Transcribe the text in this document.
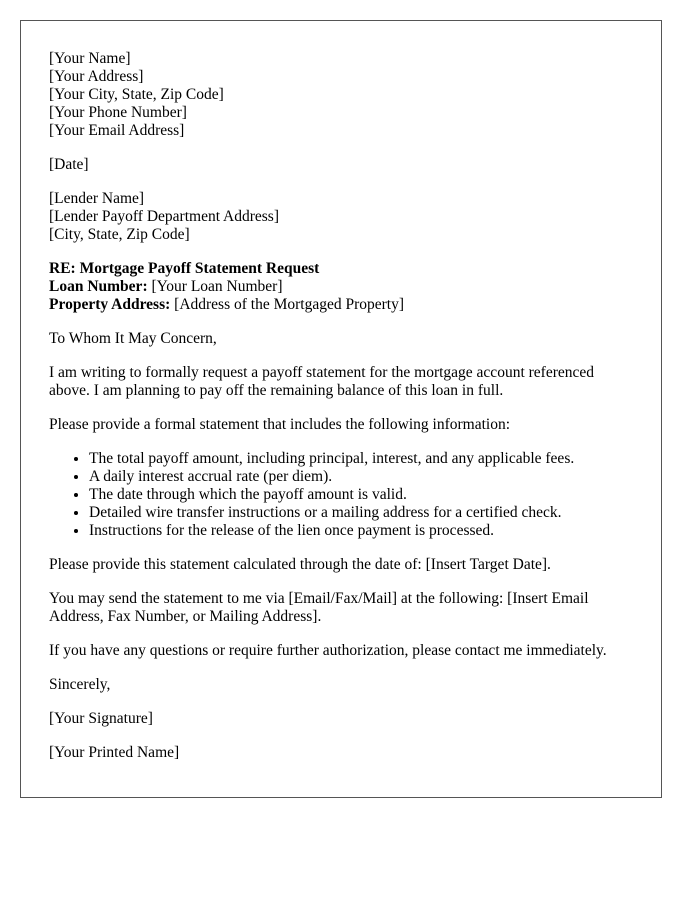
[Your Name]
[Your Address]
[Your City, State, Zip Code]
[Your Phone Number]
[Your Email Address]

[Date]

[Lender Name]
[Lender Payoff Department Address]
[City, State, Zip Code]
RE: Mortgage Payoff Statement Request
Loan Number: [Your Loan Number]
Property Address: [Address of the Mortgaged Property]

To Whom It May Concern,

I am writing to formally request a payoff statement for the mortgage account referenced above. I am planning to pay off the remaining balance of this loan in full.

Please provide a formal statement that includes the following information:

• The total payoff amount, including principal, interest, and any applicable fees.
• A daily interest accrual rate (per diem).
• The date through which the payoff amount is valid.
• Detailed wire transfer instructions or a mailing address for a certified check.
• Instructions for the release of the lien once payment is processed.

Please provide this statement calculated through the date of: [Insert Target Date].

You may send the statement to me via [Email/Fax/Mail] at the following: [Insert Email Address, Fax Number, or Mailing Address].

If you have any questions or require further authorization, please contact me immediately.

Sincerely,

[Your Signature]

[Your Printed Name]
